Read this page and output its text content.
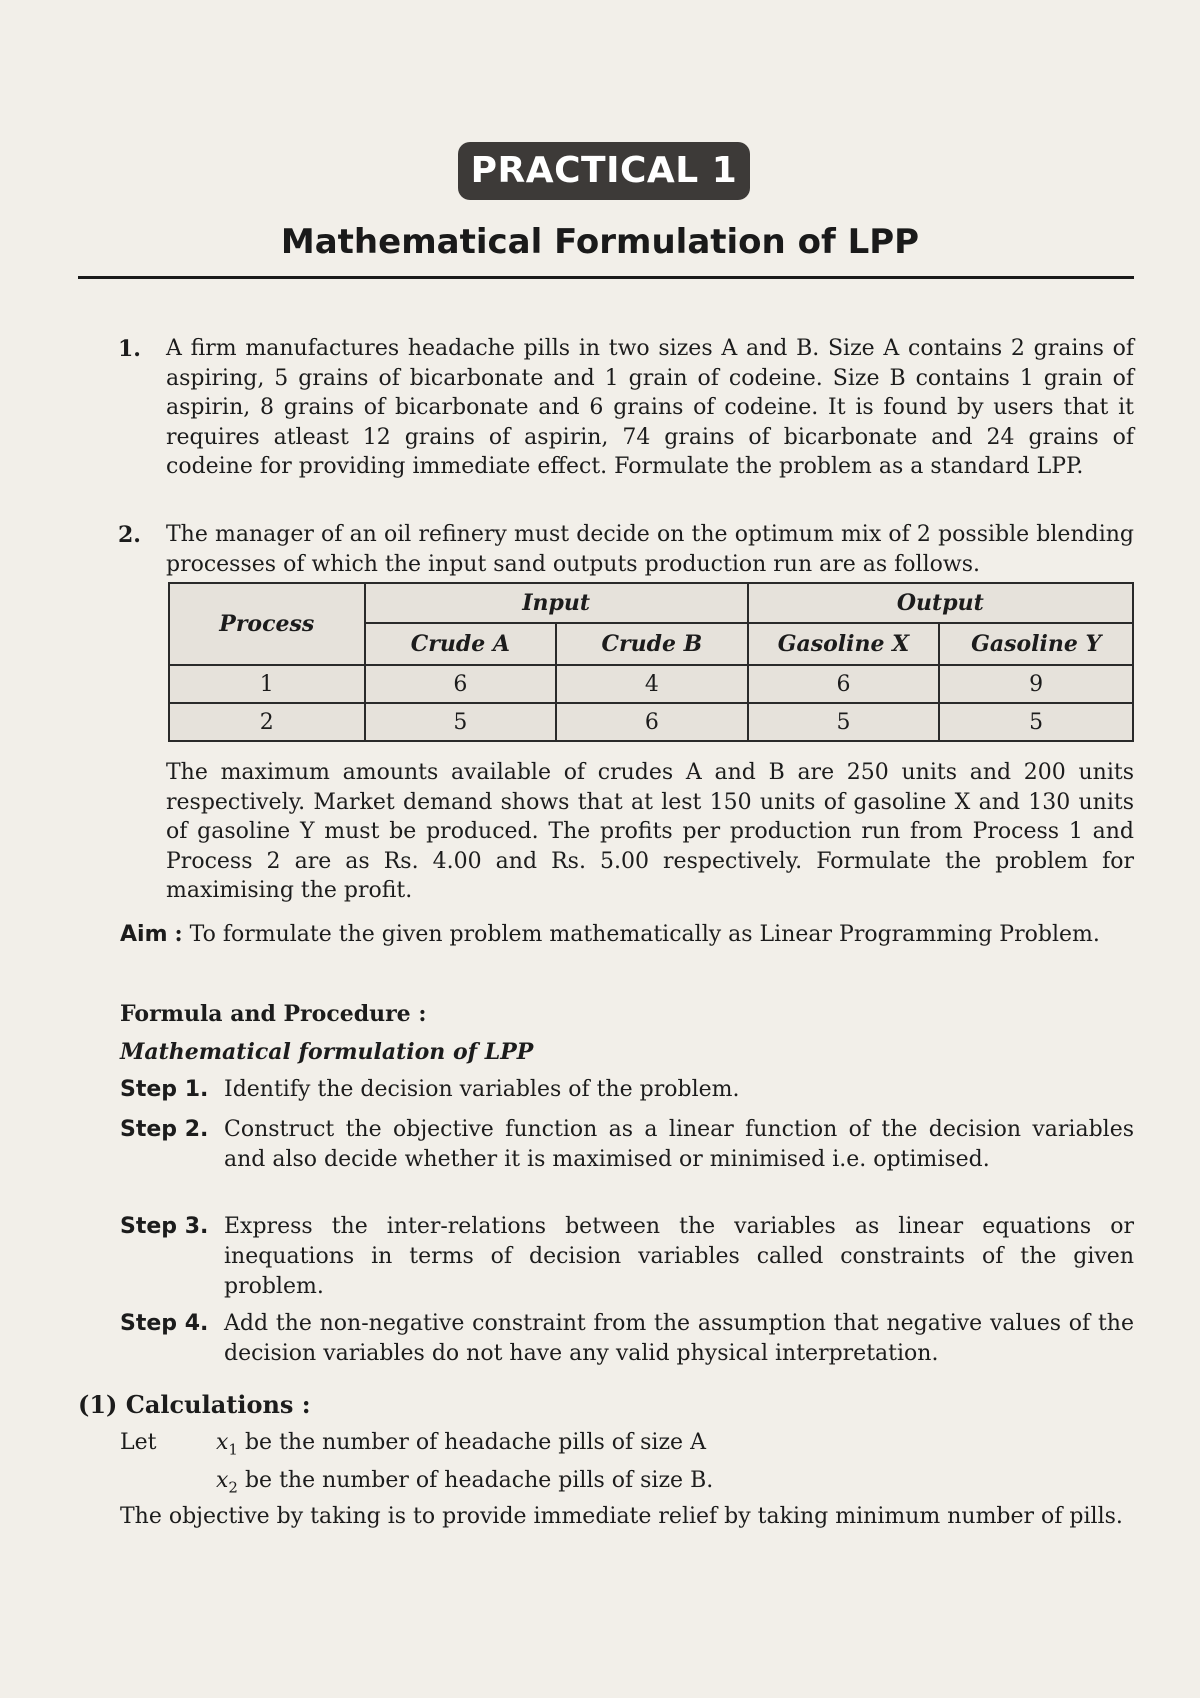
PRACTICAL 1
Mathematical Formulation of LPP
1. A firm manufactures headache pills in two sizes A and B. Size A contains 2 grains of aspiring, 5 grains of bicarbonate and 1 grain of codeine. Size B contains 1 grain of aspirin, 8 grains of bicarbonate and 6 grains of codeine. It is found by users that it requires atleast 12 grains of aspirin, 74 grains of bicarbonate and 24 grains of codeine for providing immediate effect. Formulate the problem as a standard LPP.

2. The manager of an oil refinery must decide on the optimum mix of 2 possible blending processes of which the input sand outputs production run are as follows.

Process	Input		Output	
	Crude A	Crude B	Gasoline X	Gasoline Y
1	6	4	6	9
2	5	6	5	5

The maximum amounts available of crudes A and B are 250 units and 200 units respectively. Market demand shows that at lest 150 units of gasoline X and 130 units of gasoline Y must be produced. The profits per production run from Process 1 and Process 2 are as Rs. 4.00 and Rs. 5.00 respectively. Formulate the problem for maximising the profit.

Aim : To formulate the given problem mathematically as Linear Programming Problem.

Formula and Procedure :
Mathematical formulation of LPP
Step 1. Identify the decision variables of the problem.
Step 2. Construct the objective function as a linear function of the decision variables and also decide whether it is maximised or minimised i.e. optimised.
Step 3. Express the inter-relations between the variables as linear equations or inequations in terms of decision variables called constraints of the given problem.
Step 4. Add the non-negative constraint from the assumption that negative values of the decision variables do not have any valid physical interpretation.
(1) Calculations :
Let	$x_1$ be the number of headache pills of size A
$x_2$ be the number of headache pills of size B.

The objective by taking is to provide immediate relief by taking minimum number of pills.
